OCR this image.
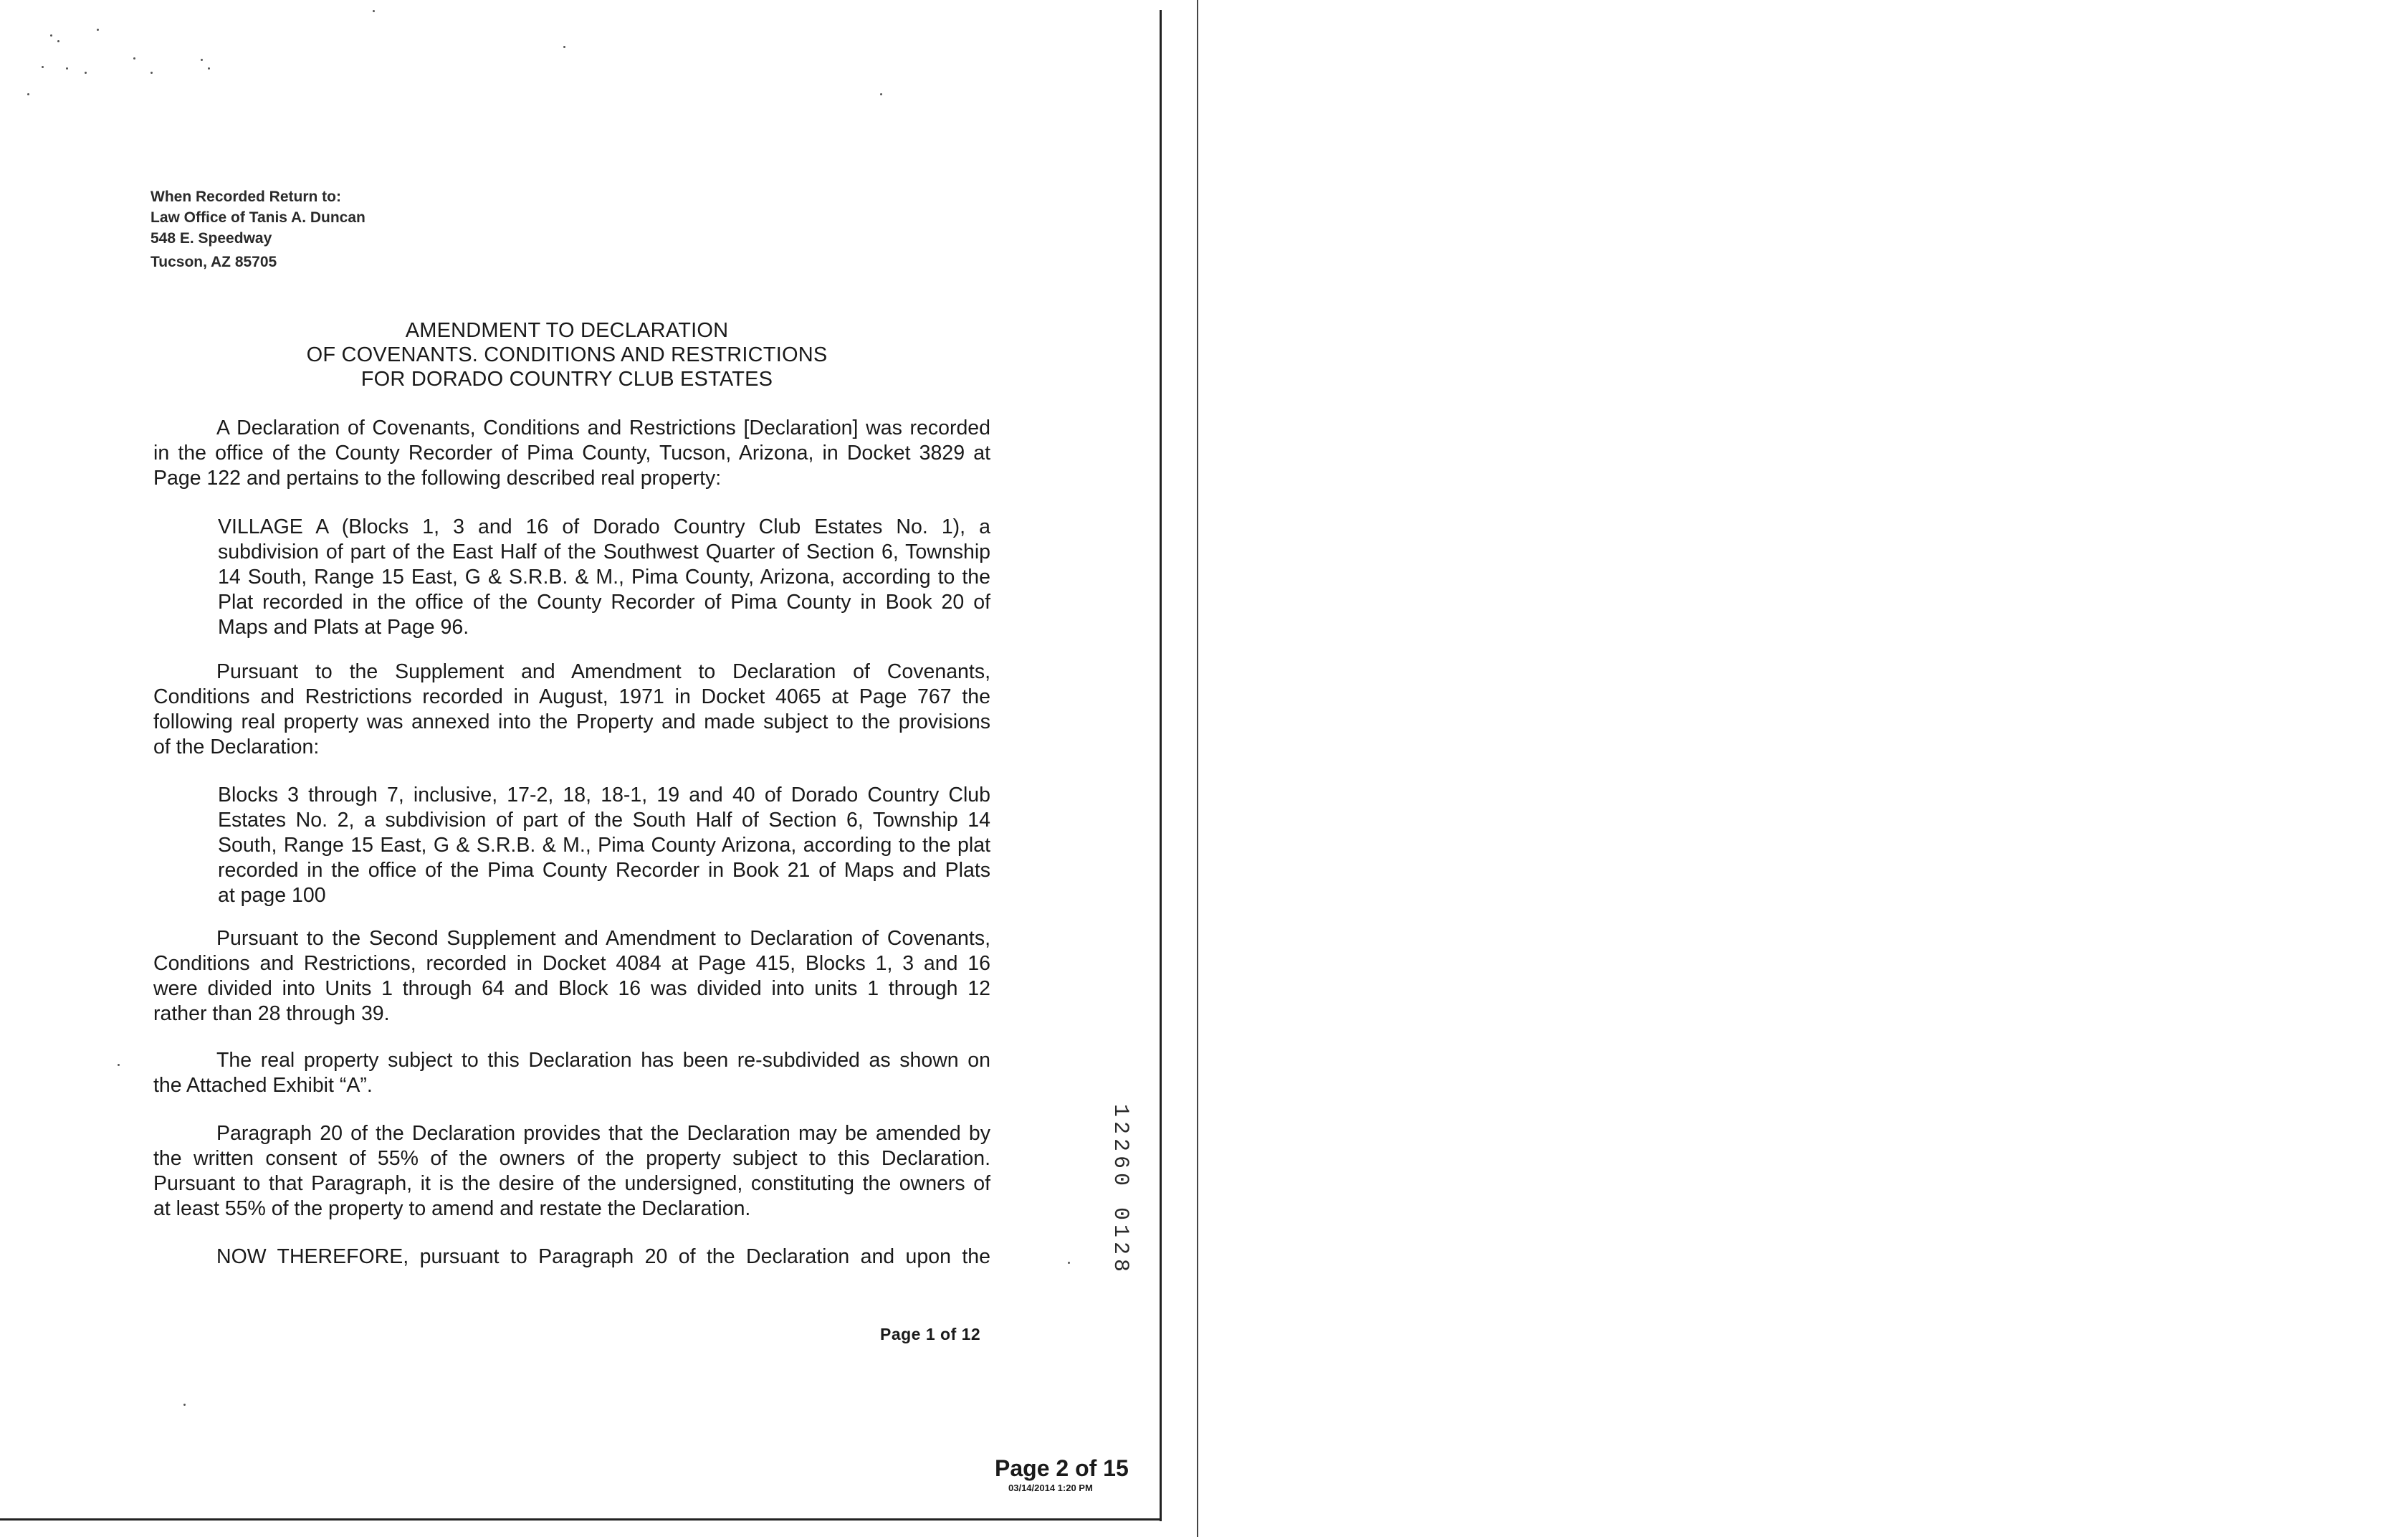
When Recorded Return to:
Law Office of Tanis A. Duncan
548 E. Speedway
Tucson, AZ 85705
AMENDMENT TO DECLARATION
OF COVENANTS. CONDITIONS AND RESTRICTIONS
FOR DORADO COUNTRY CLUB ESTATES
A Declaration of Covenants, Conditions and Restrictions [Declaration] was recorded
in the office of the County Recorder of Pima County, Tucson, Arizona, in Docket 3829 at
Page 122 and pertains to the following described real property:
VILLAGE A (Blocks 1, 3 and 16 of Dorado Country Club Estates No. 1), a
subdivision of part of the East Half of the Southwest Quarter of Section 6, Township
14 South, Range 15 East, G & S.R.B. & M., Pima County, Arizona, according to the
Plat recorded in the office of the County Recorder of Pima County in Book 20 of
Maps and Plats at Page 96.
Pursuant to the Supplement and Amendment to Declaration of Covenants,
Conditions and Restrictions recorded in August, 1971 in Docket 4065 at Page 767 the
following real property was annexed into the Property and made subject to the provisions
of the Declaration:
Blocks 3 through 7, inclusive, 17-2, 18, 18-1, 19 and 40 of Dorado Country Club
Estates No. 2, a subdivision of part of the South Half of Section 6, Township 14
South, Range 15 East, G & S.R.B. & M., Pima County Arizona, according to the plat
recorded in the office of the Pima County Recorder in Book 21 of Maps and Plats
at page 100
Pursuant to the Second Supplement and Amendment to Declaration of Covenants,
Conditions and Restrictions, recorded in Docket 4084 at Page 415, Blocks 1, 3 and 16
were divided into Units 1 through 64 and Block 16 was divided into units 1 through 12
rather than 28 through 39.
The real property subject to this Declaration has been re-subdivided as shown on
the Attached Exhibit “A”.
Paragraph 20 of the Declaration provides that the Declaration may be amended by
the written consent of 55% of the owners of the property subject to this Declaration.
Pursuant to that Paragraph, it is the desire of the undersigned, constituting the owners of
at least 55% of the property to amend and restate the Declaration.
NOW THEREFORE, pursuant to Paragraph 20 of the Declaration and upon the
Page 1 of 12
12260 0128
Page 2 of 15
03/14/2014 1:20 PM
